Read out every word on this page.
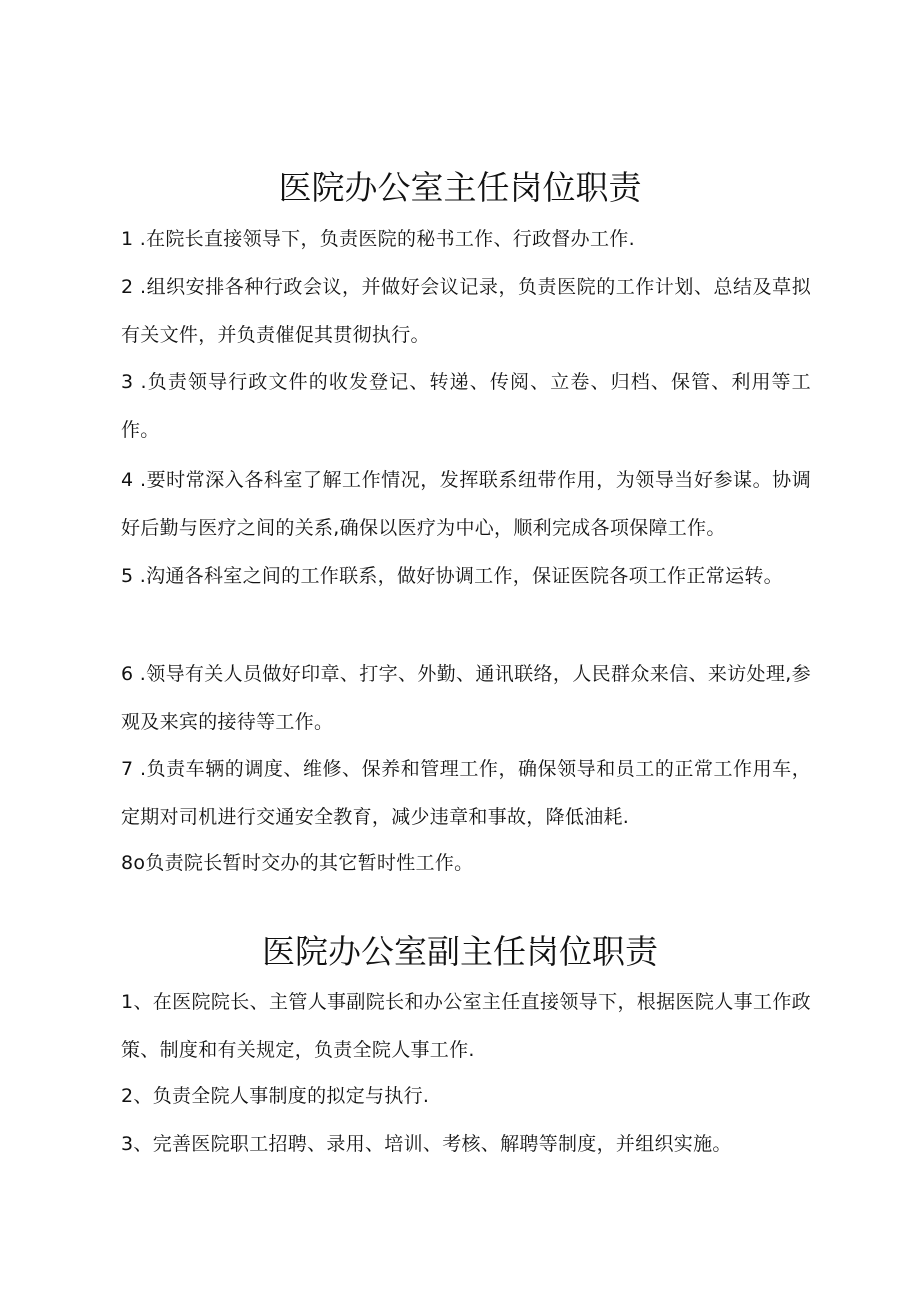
医院办公室主任岗位职责
1 .在院长直接领导下，负责医院的秘书工作、行政督办工作.
2 .组织安排各种行政会议，并做好会议记录，负责医院的工作计划、总结及草拟有关文件，并负责催促其贯彻执行。
3 .负责领导行政文件的收发登记、转递、传阅、立卷、归档、保管、利用等工作。
4 .要时常深入各科室了解工作情况，发挥联系纽带作用，为领导当好参谋。协调好后勤与医疗之间的关系,确保以医疗为中心，顺利完成各项保障工作。
5 .沟通各科室之间的工作联系，做好协调工作，保证医院各项工作正常运转。
6 .领导有关人员做好印章、打字、外勤、通讯联络，人民群众来信、来访处理,参观及来宾的接待等工作。
7 .负责车辆的调度、维修、保养和管理工作，确保领导和员工的正常工作用车，定期对司机进行交通安全教育，减少违章和事故，降低油耗.
8o负责院长暂时交办的其它暂时性工作。
医院办公室副主任岗位职责
1、在医院院长、主管人事副院长和办公室主任直接领导下，根据医院人事工作政策、制度和有关规定，负责全院人事工作.
2、负责全院人事制度的拟定与执行.
3、完善医院职工招聘、录用、培训、考核、解聘等制度，并组织实施。
